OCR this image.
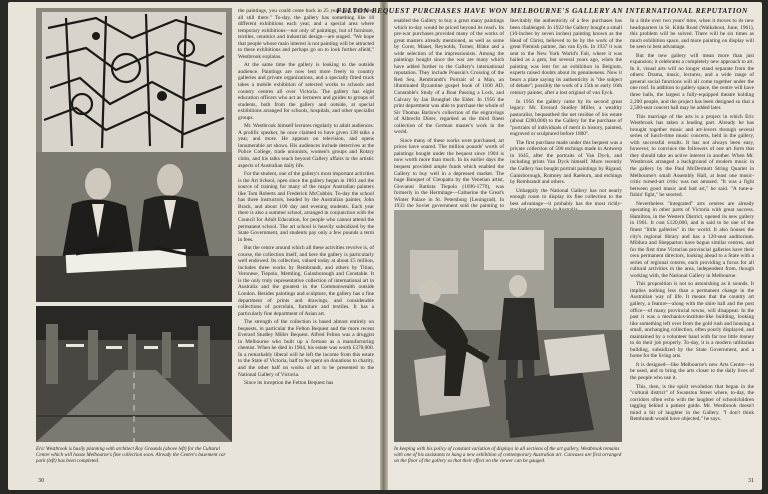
Eric Westbrook is busily planning with architect Roy Grounds (above left) for the Cultural Centre which will house Melbourne's fine collection soon. Already the Centre's basement car park (left) has been completed.

the paintings, you could come back in 25 years and find them all still there." To-day, the gallery has something like 18 different exhibitions each year, and a special area where temporary exhibitions—not only of paintings, but of furniture, textiles, ceramics and industrial design—are staged. "We hope that people whose main interest is not painting will be attracted to these exhibitions and perhaps go on to look further afield," Westbrook explains.

At the same time the gallery is looking to the outside audience. Paintings are now lent more freely to country galleries and private organizations, and a specially fitted truck takes a mobile exhibition of selected works to schools and country centres all over Victoria. The gallery has eight education officers who act as lecturers and guides to groups of students, both from the gallery and outside, at special exhibitions arranged for schools, hospitals, and other specialist groups.

Mr. Westbrook himself lectures regularly to adult audiences. A prolific speaker, he once claimed to have given 138 talks a year, and more. He appears on television, and opens innumerable art shows. His audiences include detectives at the Police College, trade unionists, women's groups and Rotary clubs, and his talks reach beyond Gallery affairs to the artistic aspects of Australian daily life.

For the student, one of the gallery's most important activities is the Art School, open since the gallery began in 1861 and the source of training for many of the major Australian painters like Tom Roberts and Frederick McCubbin. To-day the school has three instructors, headed by the Australian painter, John Brack, and about 100 day and evening students. Each year there is also a summer school, arranged in conjunction with the Council for Adult Education, for people who cannot attend the permanent school. The art school is heavily subsidized by the State Government, and students pay only a few pounds a term in fees.

But the centre around which all these activities revolve is, of course, the collection itself, and here the gallery is particularly well endowed. Its collection, valued today at about £5 million, includes three works by Rembrandt, and others by Titian, Veronese, Tiepolo, Memling, Gainsborough and Constable. It is the only truly representative collection of international art in Australia and the greatest in the Commonwealth outside London. Besides paintings and sculpture, the gallery has a fine department of prints and drawings, and considerable collections of porcelain, furniture and textiles. It has a particularly fine department of Asian art.

The strength of the collection is based almost entirely on bequests, in particular the Felton Bequest and the more recent Everard Studley Miller Bequest. Alfred Felton was a druggist in Melbourne who built up a fortune as a manufacturing chemist. When he died in 1904, his estate was worth £378,000. In a remarkably liberal will he left the income from this estate to the State of Victoria, half to be spent on donations to charity, and the other half on works of art to be presented to the National Gallery of Victoria.

Since its inception the Felton Bequest has

30
FELTON BEQUEST PURCHASES HAVE WON MELBOURNE'S GALLERY AN INTERNATIONAL REPUTATION

enabled the Gallery to buy a great many paintings which to-day would be priced beyond its reach. Its pre-war purchases provided many of the works of great masters already mentioned, as well as some by Corot, Manet, Reynolds, Turner, Blake and a wide selection of the impressionists. Among the paintings bought since the war are many which have added further to the Gallery's international reputation. They include Poussin's Crossing of the Red Sea, Rembrandt's Portrait of a Man, an illuminated Byzantine gospel book of 1100 AD, Constable's Study of a Boat Passing a Lock, and Calvary by Jan Brueghel the Elder. In 1956 the print department was able to purchase the whole of Sir Thomas Barlow's collection of the engravings of Albrecht Dürer, regarded as the third finest collection of the German master's work in the world.

Since many of these works were purchased, art prices have soared. The million pounds' worth of paintings bought under the bequest since 1904 is now worth more than much. In its earlier days the bequest provided ample funds which enabled the Gallery to buy well in a depressed market. The huge Banquet of Cleopatra by the Venetian artist, Giovanni Battista Tiepolo (1696-1770), was formerly in the Hermitage—Catherine the Great's Winter Palace in St. Petersburg (Leningrad). In 1933 the Soviet government sold the painting to

Inevitably the authenticity of a few purchases has been challenged. In 1922 the Gallery bought a small (10-inches by seven inches) painting known as the Head of Christ, believed to be by the work of the great Flemish painter, Jan van Eyck. In 1937 it was sent to the New York World's Fair, where it was hailed as a gem, but several years ago, when the painting was lent for an exhibition in Belgium, experts raised doubts about its genuineness. Now it bears a plate saying its authenticity is "the subject of debate"; possibly the work of a 15th or early 16th century painter, after a lost original of van Eyck.

In 1956 the gallery came by its second great legacy: Mr. Everard Studley Miller, a wealthy pastoralist, bequeathed the net residue of his estate (about £280,000) to the Gallery for the purchase of "portraits of individuals of merit in history, painted, engraved or sculptured before 1800".

The first purchase made under this bequest was a private collection of 500 etchings made in Antwerp in 1645, after the portraits of Van Dyck, and including prints Van Dyck himself. More recently the Gallery has bought portrait paintings by Rigaud, Gainsborough, Romney and Raeburn, and etchings by Rembrandt and others.

Unhappily the National Gallery has not nearly enough room to display its fine collection to the best advantage—it probably has the most richly-

In a little over two years' time, when it moves to its new headquarters in St. Kilda Road (Walkabout, June, 1961), this problem will be solved. There will be six times as much exhibition space, and more painting on display will be seen to best advantage.

But the new gallery will mean more than just expansion; it celebrates a completely new approach to art. In it, visual arts will no longer stand separate from the others: Drama, music, lectures, and a wide range of general social functions will all come together under the one roof. In addition to gallery space, the centre will have three halls, the largest a fully-equipped theatre holding 2,200 people, and the project has been designed so that a 2,500-seat concert hall may be added later.

This marriage of the arts is a project in which Eric Westbrook has taken a leading part. Already he has brought together music and art-lovers through several series of lunch-time music concerts, held in the gallery, with successful results. It has not always been easy, however, to convince the followers of one art form that they should take an active interest in another. When Mr. Westbrook arranged a background of modern music in the gallery by the Paul McDermott String Quartet in Melbourne's small Assembly Hall, at least one music-critic turned-art critic was not amused. "It was a fight between good music and bad art," he said. "A tune-a-fishin' fight," he snorted.

Nevertheless "integrated" arts centres are already operating in other parts of Victoria with great success. Hamilton, in the Western District, opened its new gallery in 1961. It cost £120,000, and is said to be one of the finest "little galleries" in the world. It also houses the city's regional library and has a 120-seat auditorium. Mildura and Shepparton have begun similar centres, and for the first time Victorian provincial galleries have their own permanent directors, looking ahead to a State with a series of regional centres, each providing a focus for all cultural activities in the area, independent from, though working with, the National Gallery in Melbourne.

This proposition is not so astonishing as it sounds. It implies nothing less than a permanent change in the Australian way of life. It means that the country art gallery, a feature—along with the shire hall and the post office—of many provincial towns, will disappear. In the past it was a mechanics-institute-like building, looking like something left over from the gold rush and housing a small, unchanging collection, often poorly displayed, and maintained by a volunteer band with far too little money to do their job properly. To-day, it is a modern utilitarian building, subsidized by the State Government, and a home for the living arts.

It is designed—like Melbourne's new Arts Centre—to be used, and to bring the arts closer to the daily lives of the people who use it.

This, then, is the spirit revolution that began in the "cultural district" of Swanston Street where, to-day, the corridors often echo with the laughter of schoolchildren tagging behind a patient guide. Mr. Westbrook doesn't mind a bit of laughter in the Gallery. "I don't think Rembrandt would have objected," he says.

In keeping with his policy of constant variation of displays in all sections of the art gallery, Westbrook remains with one of his assistants to hang a new exhibition of contemporary Australian art. Canvases are first arranged on the floor of the gallery so that their effect on the viewer can be gauged.
31
